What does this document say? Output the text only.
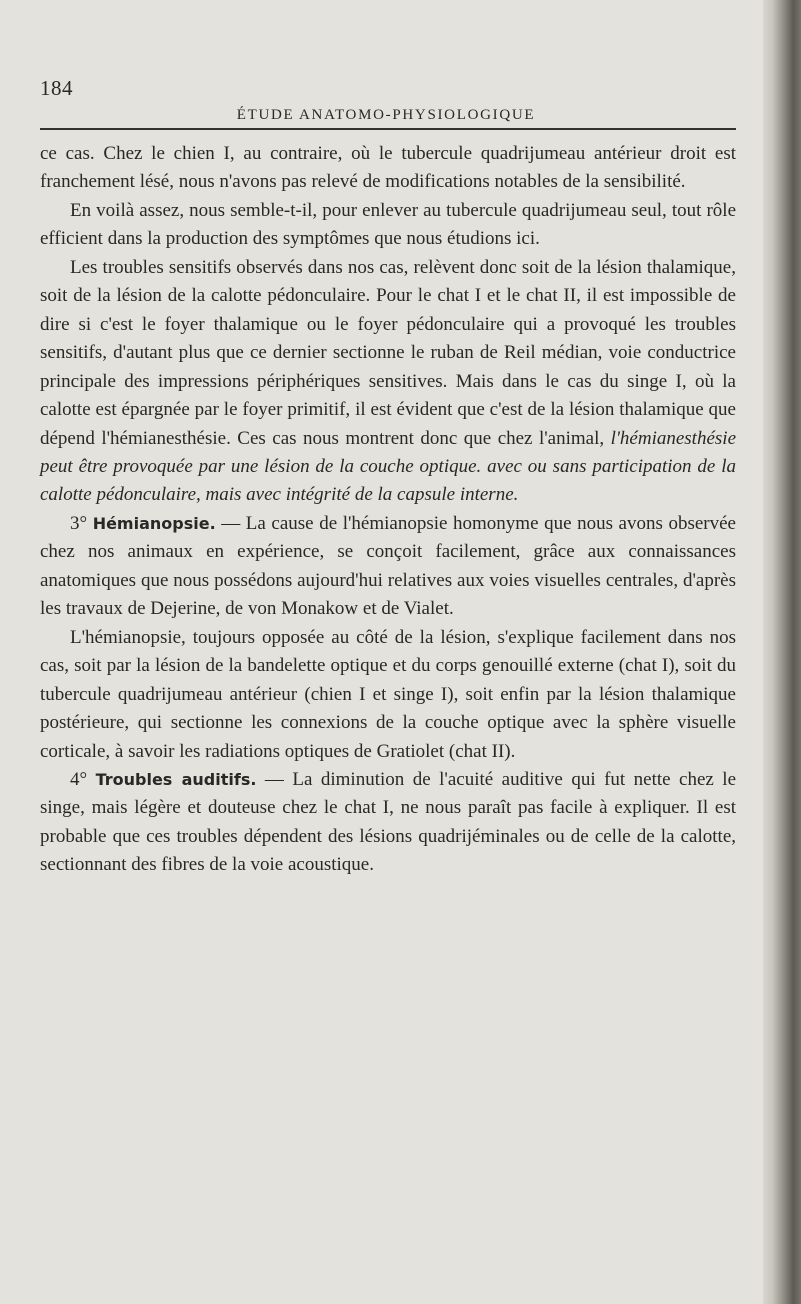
184
ÉTUDE ANATOMO-PHYSIOLOGIQUE

ce cas. Chez le chien I, au contraire, où le tubercule quadrijumeau antérieur droit est franchement lésé, nous n'avons pas relevé de modifications notables de la sensibilité.

En voilà assez, nous semble-t-il, pour enlever au tubercule quadrijumeau seul, tout rôle efficient dans la production des symptômes que nous étudions ici.

Les troubles sensitifs observés dans nos cas, relèvent donc soit de la lésion thalamique, soit de la lésion de la calotte pédonculaire. Pour le chat I et le chat II, il est impossible de dire si c'est le foyer thalamique ou le foyer pédonculaire qui a provoqué les troubles sensitifs, d'autant plus que ce dernier sectionne le ruban de Reil médian, voie conductrice principale des impressions périphériques sensitives. Mais dans le cas du singe I, où la calotte est épargnée par le foyer primitif, il est évident que c'est de la lésion thalamique que dépend l'hémianesthésie. Ces cas nous montrent donc que chez l'animal, l'hémianesthésie peut être provoquée par une lésion de la couche optique. avec ou sans participation de la calotte pédonculaire, mais avec intégrité de la capsule interne.

3° Hémianopsie. — La cause de l'hémianopsie homonyme que nous avons observée chez nos animaux en expérience, se conçoit facilement, grâce aux connaissances anatomiques que nous possédons aujourd'hui relatives aux voies visuelles centrales, d'après les travaux de Dejerine, de von Monakow et de Vialet.

L'hémianopsie, toujours opposée au côté de la lésion, s'explique facilement dans nos cas, soit par la lésion de la bandelette optique et du corps genouillé externe (chat I), soit du tubercule quadrijumeau antérieur (chien I et singe I), soit enfin par la lésion thalamique postérieure, qui sectionne les connexions de la couche optique avec la sphère visuelle corticale, à savoir les radiations optiques de Gratiolet (chat II).

4° Troubles auditifs. — La diminution de l'acuité auditive qui fut nette chez le singe, mais légère et douteuse chez le chat I, ne nous paraît pas facile à expliquer. Il est probable que ces troubles dépendent des lésions quadrijéminales ou de celle de la calotte, sectionnant des fibres de la voie acoustique.
